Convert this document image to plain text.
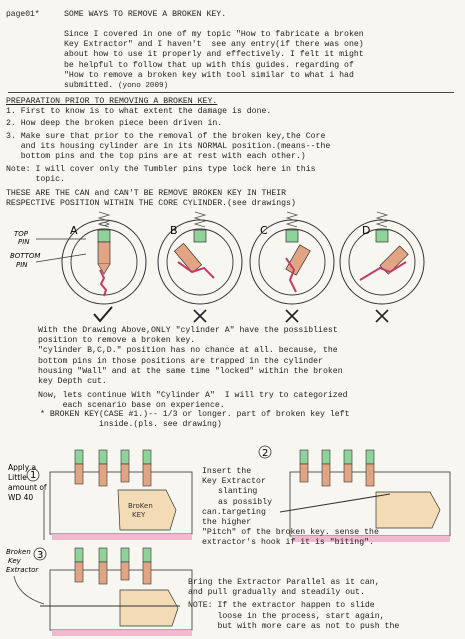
page01*	SOME WAYS TO REMOVE A BROKEN KEY.
Since I covered in one of my topic "How to fabricate a broken
Key Extractor" and I haven't  see any entry(if there was one)
about how to use it properly and effectively. I felt it might
be helpful to follow that up with this guides. regarding of
"How to remove a broken key with tool similar to what i had
submitted. (yono 2009)
PREPARATION PRIOR TO REMOVING A BROKEN KEY.
1. First to know is to what extent the damage is done.
2. How deep the broken piece been driven in.
3. Make sure that prior to the removal of the broken key,the Core
and its housing cylinder are in its NORMAL position.(means--the
bottom pins and the top pins are at rest with each other.)
Note: I will cover only the Tumbler pins type lock here in this
topic.
THESE ARE THE CAN and CAN'T BE REMOVE BROKEN KEY IN THEIR
RESPECTIVE POSITION WITHIN THE CORE CYLINDER.(see drawings)
TOP
PIN
BOTTOM
PIN
A	B	C	D
With the Drawing Above,ONLY "cylinder A" have the possibliest
position to remove a broken key.
"cylinder B,C,D." position has no chance at all. because, the
bottom pins in those positions are trapped in the cylinder
housing "Wall" and at the same time "locked" within the broken
key Depth cut.
Now, lets continue With "Cylinder A"  I will try to categorized
each scenario base on experience.
* BROKEN KEY(CASE #1.)-- 1/3 or longer. part of broken key left
inside.(pls. see drawing)
1
BroKen
KEY
Apply a
Little
amount of
WD 40
2
3
Broken
Key
Extractor
Insert the
Key Extractor
slanting
as possibly
can.targeting
the higher
"Pitch" of the broken key. sense the
extractor's hook if it is "biting".
Bring the Extractor Parallel as it can,
and pull gradually and steadily out.
NOTE: If the extractor happen to slide
loose in the process, start again,
but with more care as not to push the
